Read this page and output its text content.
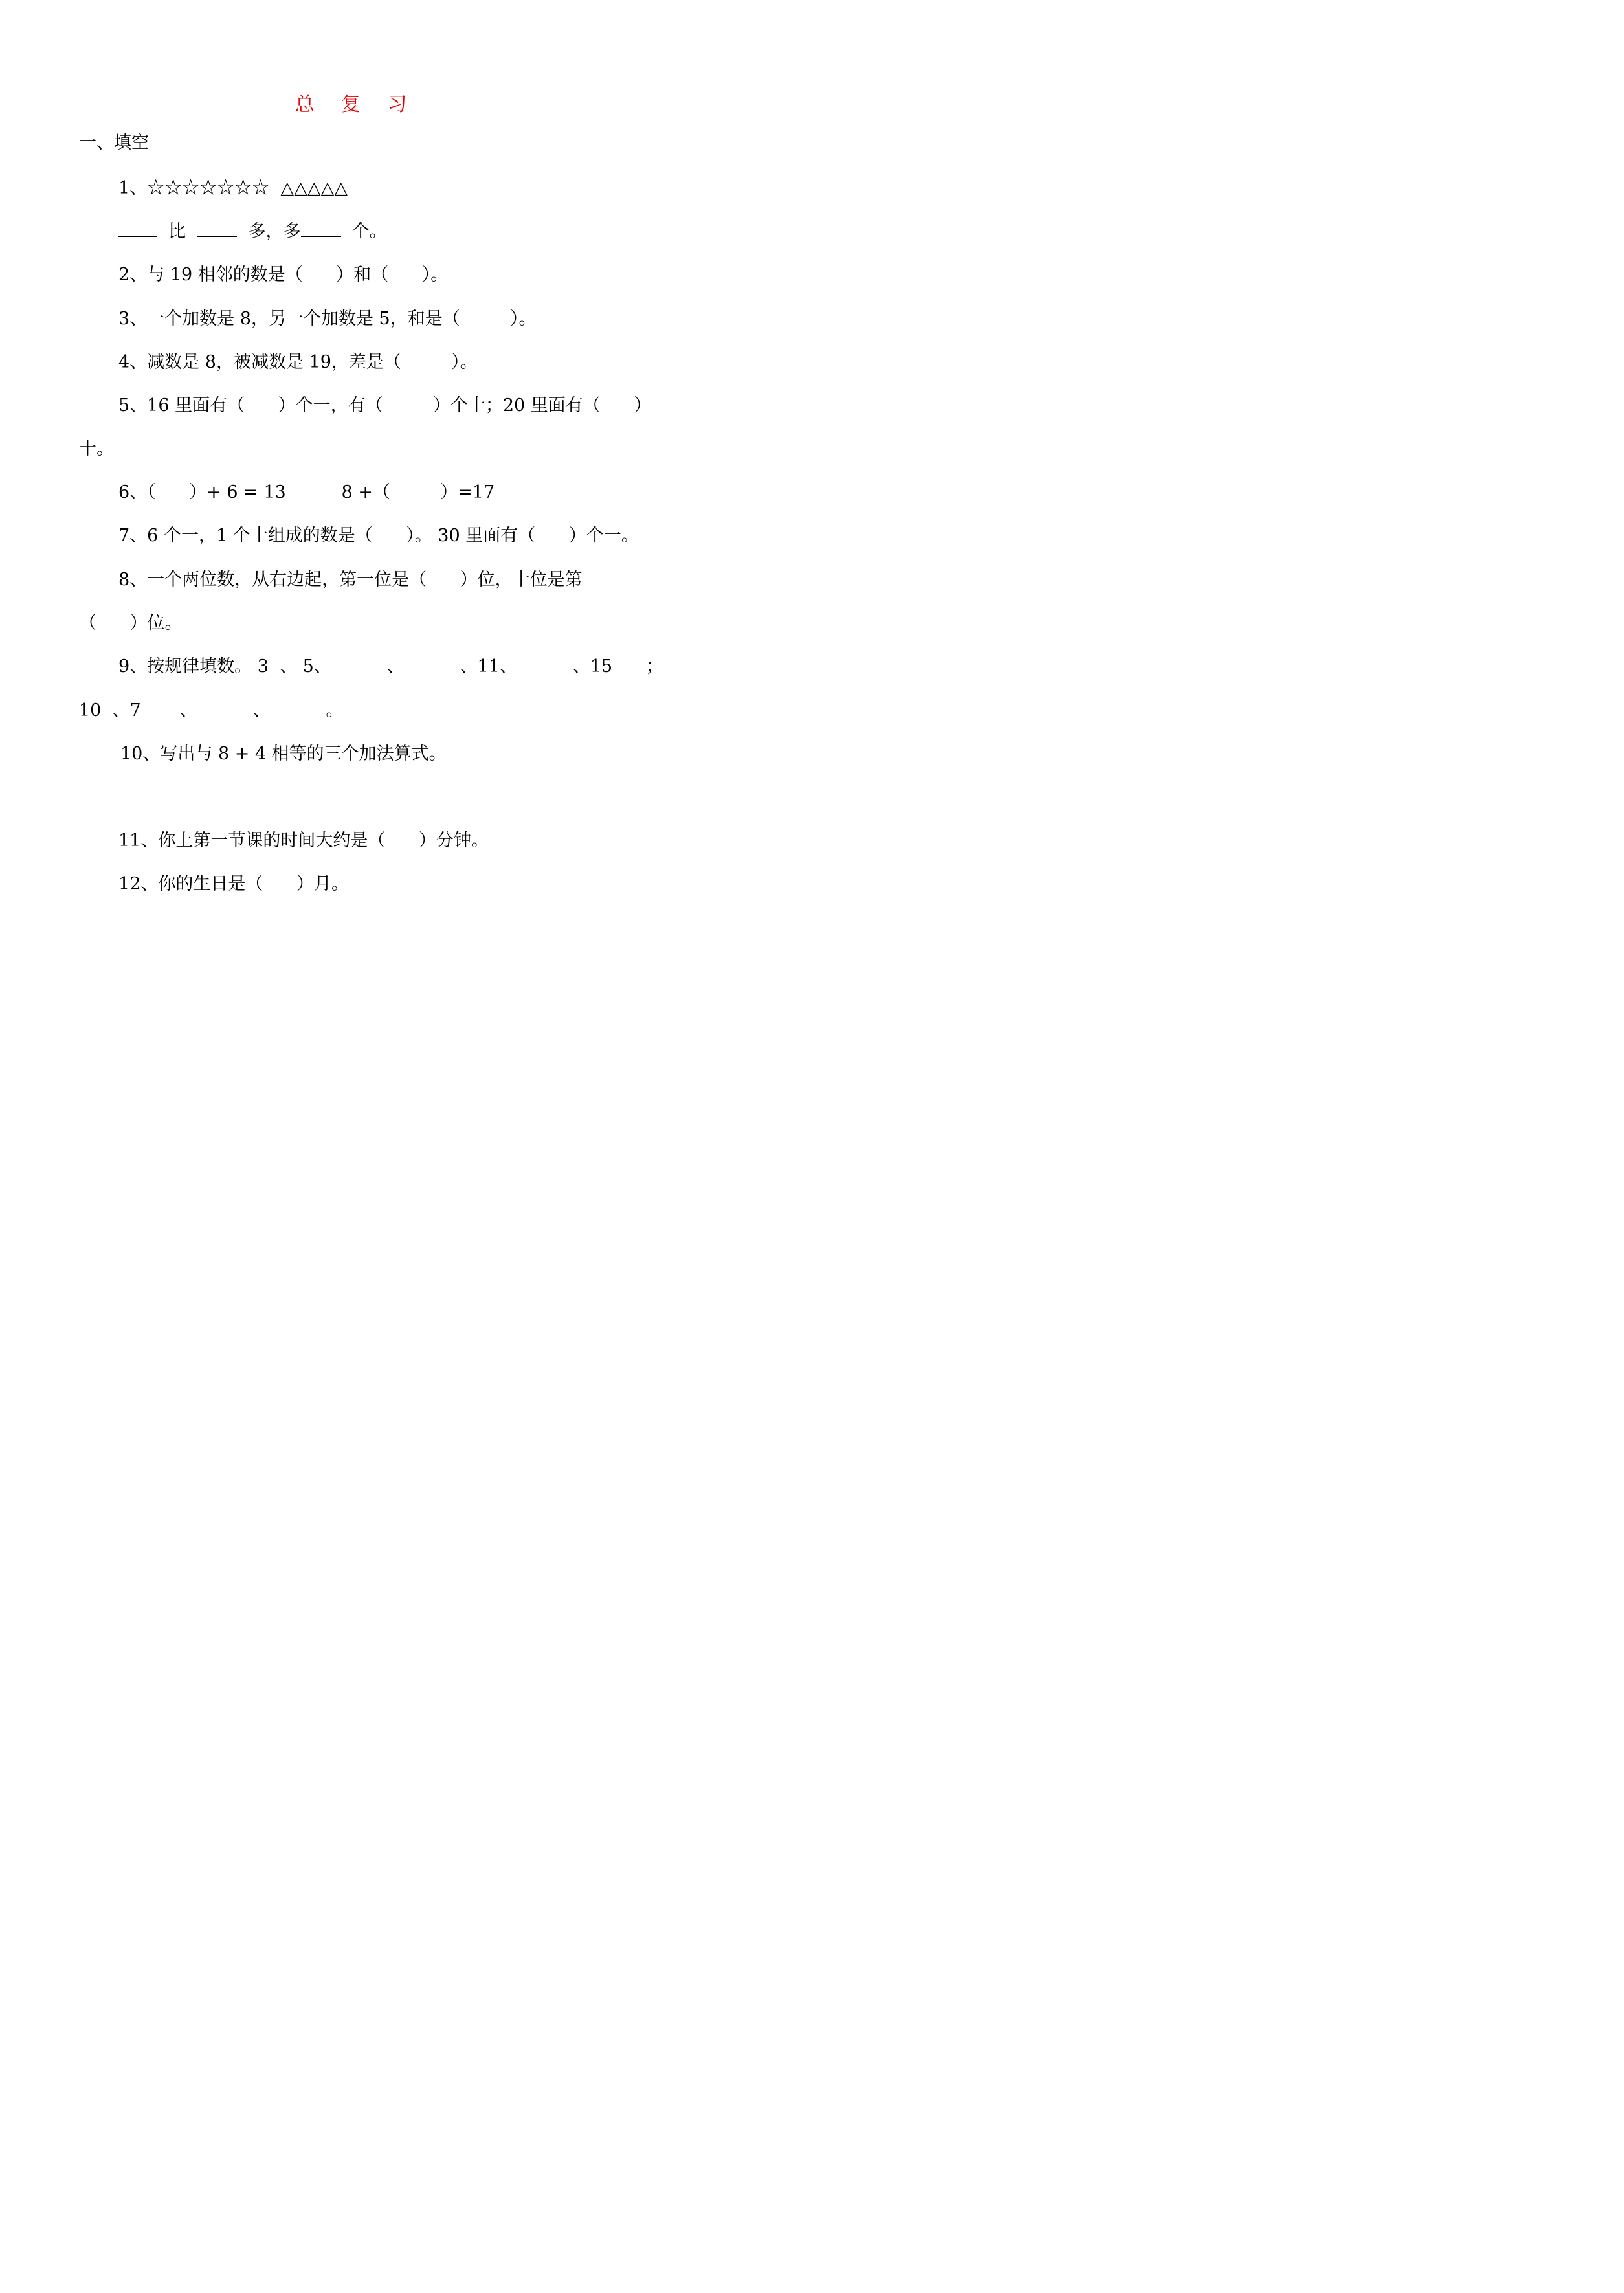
总 复 习
一、填空
1、☆☆☆☆☆☆☆ △△△△△
比	多，多	个。
2、与 19 相邻的数是（      ）和（      ）。
3、一个加数是 8，另一个加数是 5，和是（         ）。
4、减数是 8，被减数是 19，差是（         ）。
5、16 里面有（      ）个一，有（         ）个十；20 里面有（      ）
十。
6、（      ）+ 6 = 13          8 +（         ）=17
7、6 个一，1 个十组成的数是（      ）。 30 里面有（      ）个一。
8、一个两位数，从右边起，第一位是（      ）位，十位是第
（      ）位。
9、按规律填数。 3  、 5、          、          、11、          、15      ；
10  、7       、          、          。
10、写出与 8 + 4 相等的三个加法算式。
11、你上第一节课的时间大约是（      ）分钟。
12、你的生日是（      ）月。
